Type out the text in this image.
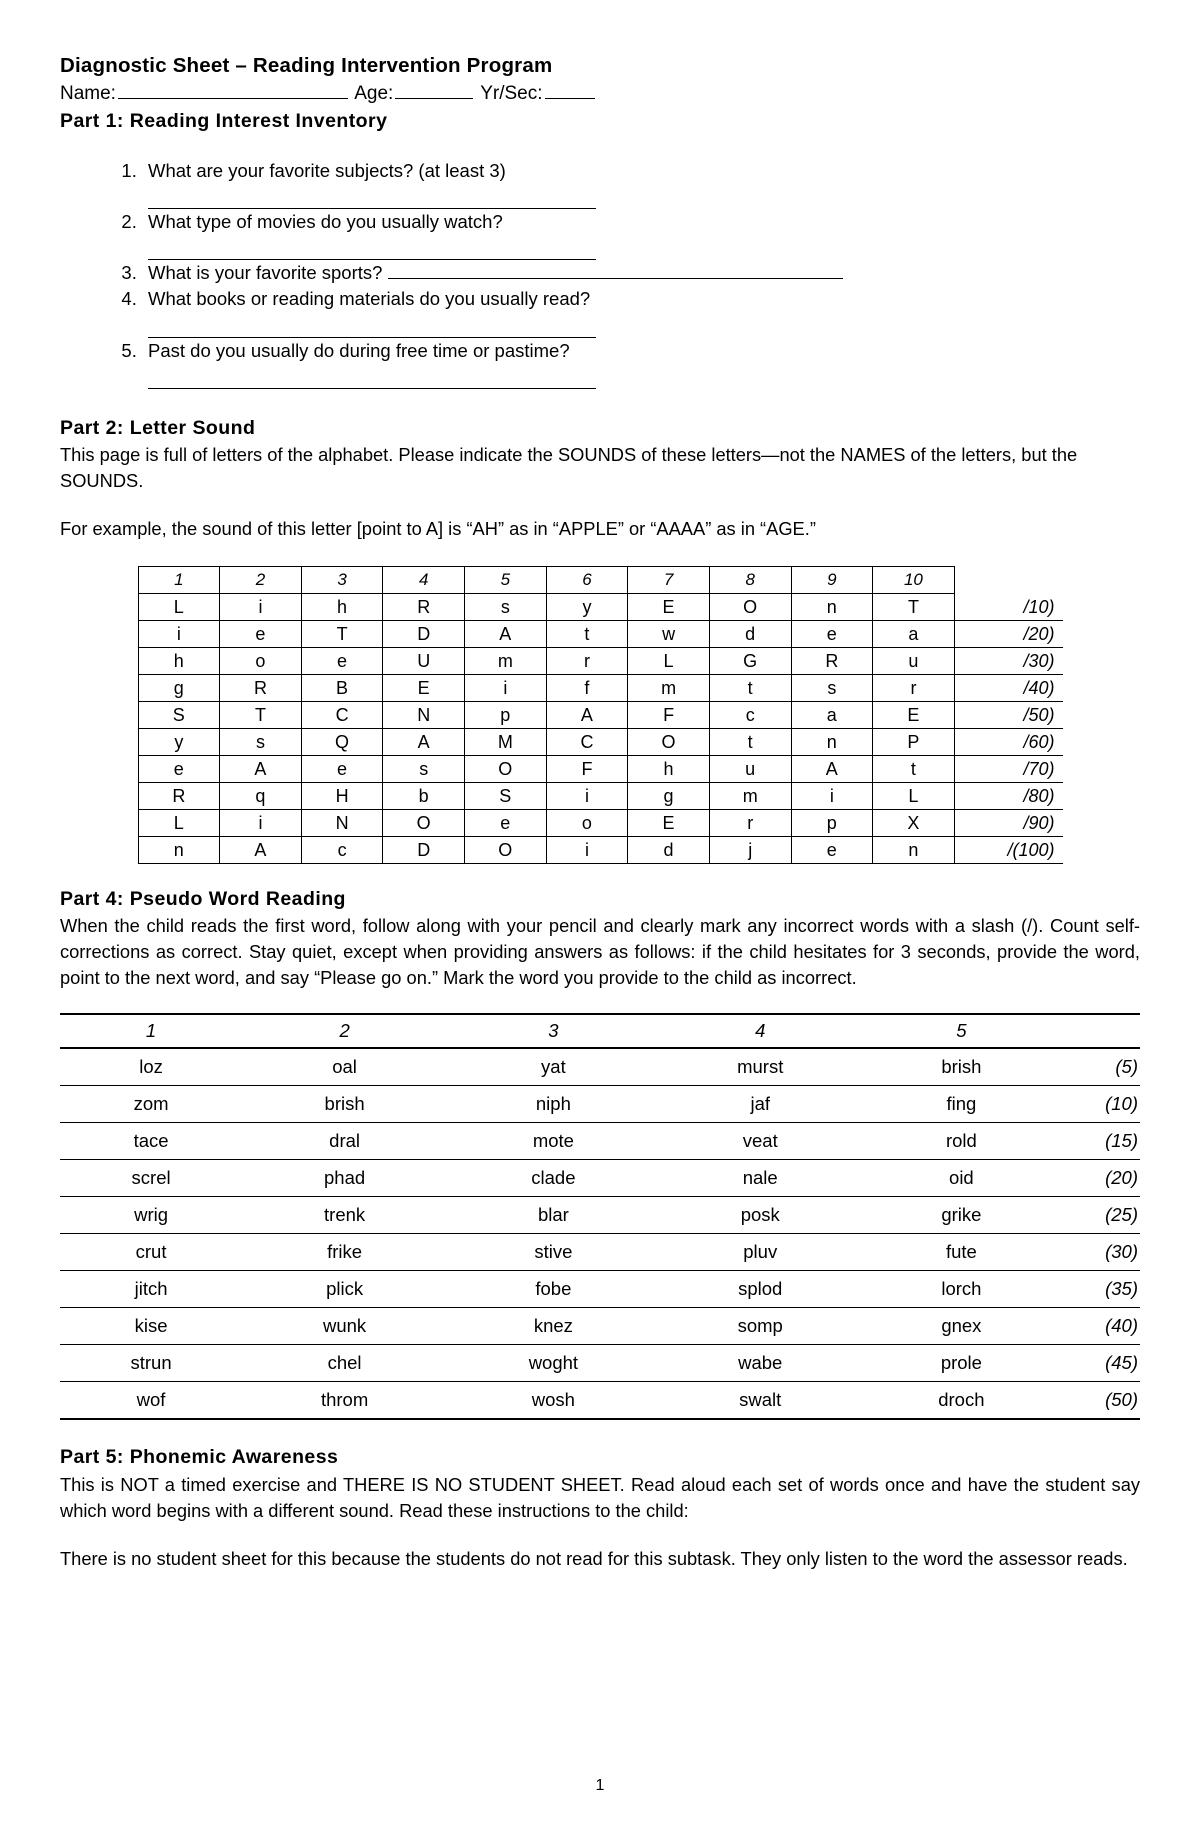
Diagnostic Sheet – Reading Intervention Program
Name:	Age:	Yr/Sec:
Part 1: Reading Interest Inventory
1. What are your favorite subjects? (at least 3)
2. What type of movies do you usually watch?
3. What is your favorite sports?
4. What books or reading materials do you usually read?
5. Past do you usually do during free time or pastime?
Part 2: Letter Sound

This page is full of letters of the alphabet. Please indicate the SOUNDS of these letters—not the NAMES of the letters, but the SOUNDS.

For example, the sound of this letter [point to A] is “AH” as in “APPLE” or “AAAA” as in “AGE.”

1	2	3	4	5	6	7	8	9	10	
L	i	h	R	s	y	E	O	n	T	/10)
i	e	T	D	A	t	w	d	e	a	/20)
h	o	e	U	m	r	L	G	R	u	/30)
g	R	B	E	i	f	m	t	s	r	/40)
S	T	C	N	p	A	F	c	a	E	/50)
y	s	Q	A	M	C	O	t	n	P	/60)
e	A	e	s	O	F	h	u	A	t	/70)
R	q	H	b	S	i	g	m	i	L	/80)
L	i	N	O	e	o	E	r	p	X	/90)
n	A	c	D	O	i	d	j	e	n	/(100)
Part 4: Pseudo Word Reading

When the child reads the first word, follow along with your pencil and clearly mark any incorrect words with a slash (/). Count self-corrections as correct. Stay quiet, except when providing answers as follows: if the child hesitates for 3 seconds, provide the word, point to the next word, and say “Please go on.” Mark the word you provide to the child as incorrect.

1	2	3	4	5	
loz	oal	yat	murst	brish	(5)
zom	brish	niph	jaf	fing	(10)
tace	dral	mote	veat	rold	(15)
screl	phad	clade	nale	oid	(20)
wrig	trenk	blar	posk	grike	(25)
crut	frike	stive	pluv	fute	(30)
jitch	plick	fobe	splod	lorch	(35)
kise	wunk	knez	somp	gnex	(40)
strun	chel	woght	wabe	prole	(45)
wof	throm	wosh	swalt	droch	(50)
Part 5: Phonemic Awareness

This is NOT a timed exercise and THERE IS NO STUDENT SHEET. Read aloud each set of words once and have the student say which word begins with a different sound. Read these instructions to the child:

There is no student sheet for this because the students do not read for this subtask. They only listen to the word the assessor reads.

1
